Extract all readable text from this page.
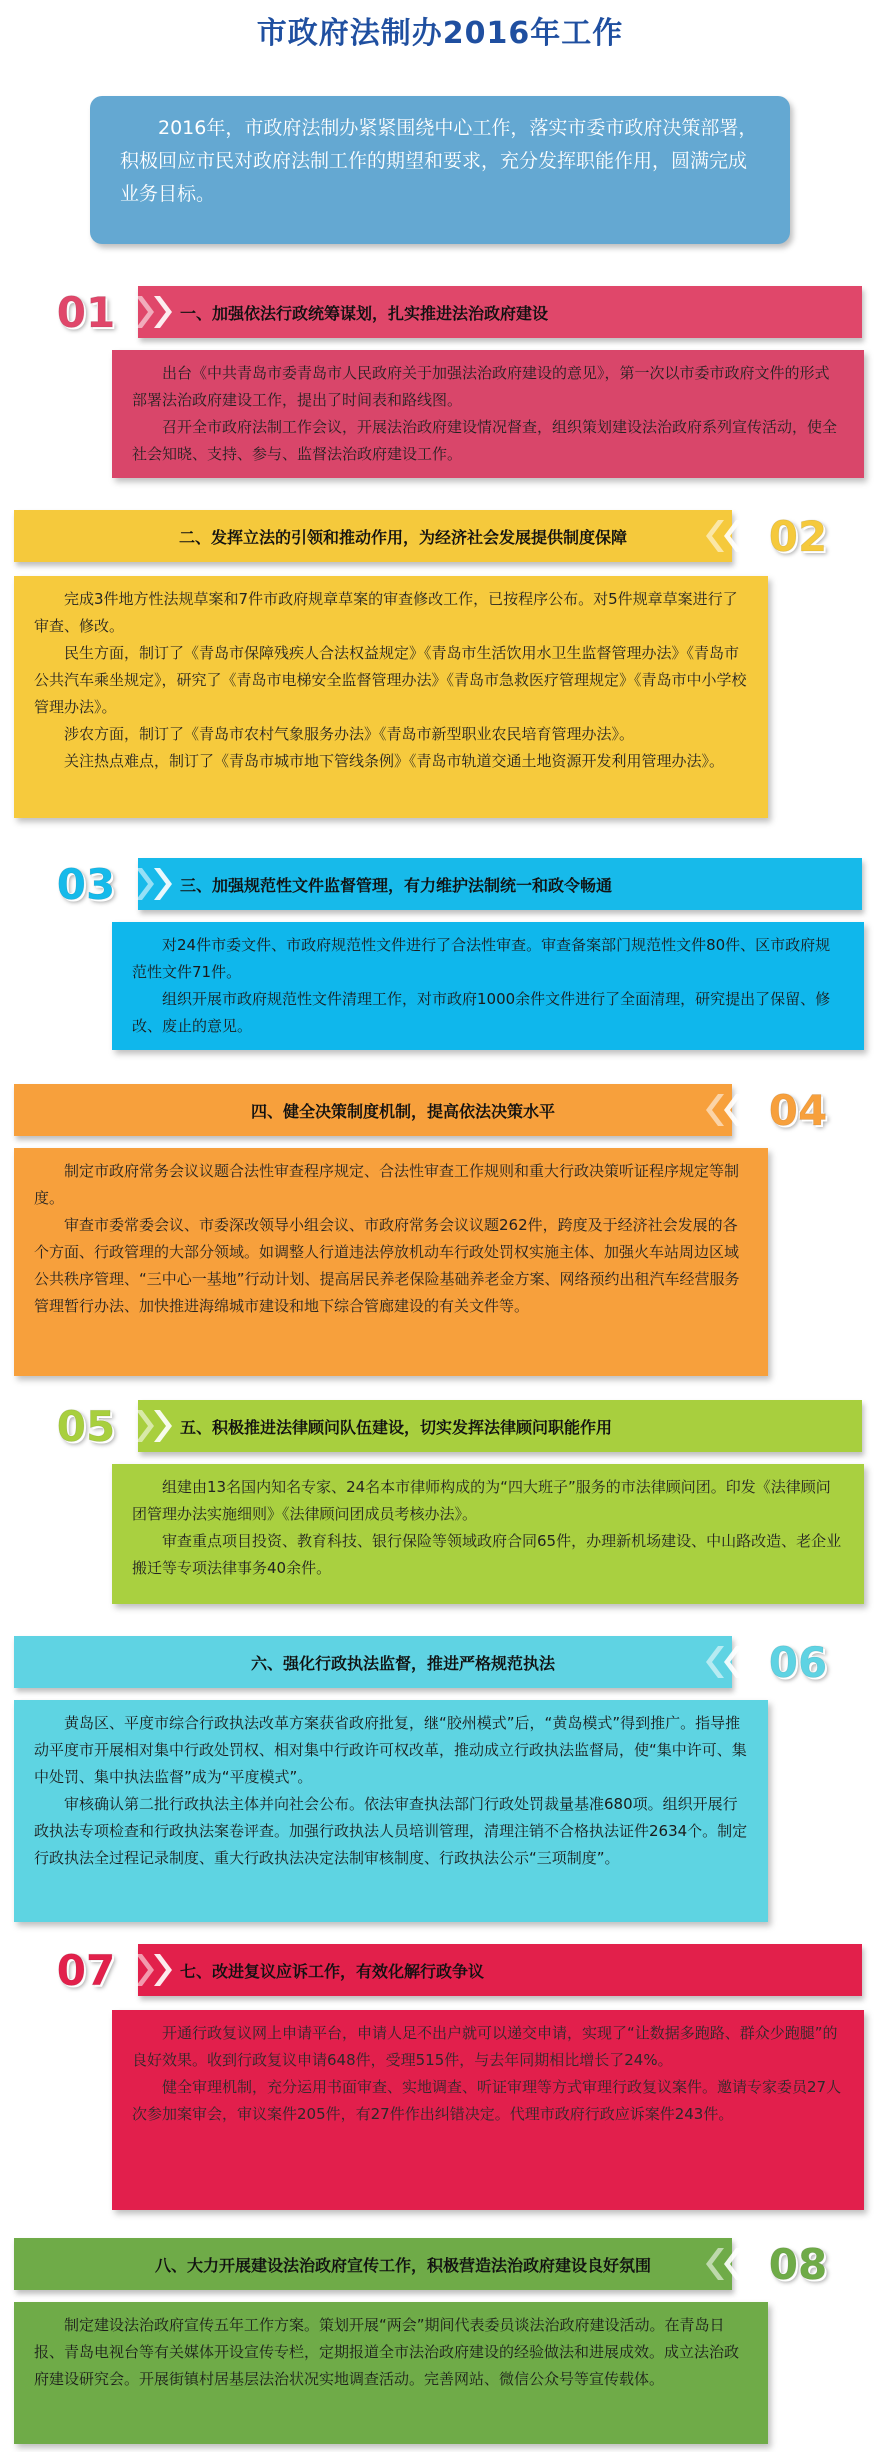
市政府法制办2016年工作
2016年，市政府法制办紧紧围绕中心工作，落实市委市政府决策部署，积极回应市民对政府法制工作的期望和要求，充分发挥职能作用，圆满完成业务目标。
一、加强依法行政统筹谋划，扎实推进法治政府建设
01

出台《中共青岛市委青岛市人民政府关于加强法治政府建设的意见》，第一次以市委市政府文件的形式部署法治政府建设工作，提出了时间表和路线图。

召开全市政府法制工作会议，开展法治政府建设情况督查，组织策划建设法治政府系列宣传活动，使全社会知晓、支持、参与、监督法治政府建设工作。

二、发挥立法的引领和推动作用，为经济社会发展提供制度保障	02

完成3件地方性法规草案和7件市政府规章草案的审查修改工作，已按程序公布。对5件规章草案进行了审查、修改。

民生方面，制订了《青岛市保障残疾人合法权益规定》《青岛市生活饮用水卫生监督管理办法》《青岛市公共汽车乘坐规定》，研究了《青岛市电梯安全监督管理办法》《青岛市急救医疗管理规定》《青岛市中小学校管理办法》。

涉农方面，制订了《青岛市农村气象服务办法》《青岛市新型职业农民培育管理办法》。

关注热点难点，制订了《青岛市城市地下管线条例》《青岛市轨道交通土地资源开发利用管理办法》。

三、加强规范性文件监督管理，有力维护法制统一和政令畅通
03

对24件市委文件、市政府规范性文件进行了合法性审查。审查备案部门规范性文件80件、区市政府规范性文件71件。

组织开展市政府规范性文件清理工作，对市政府1000余件文件进行了全面清理，研究提出了保留、修改、废止的意见。

四、健全决策制度机制，提高依法决策水平	04

制定市政府常务会议议题合法性审查程序规定、合法性审查工作规则和重大行政决策听证程序规定等制度。

审查市委常委会议、市委深改领导小组会议、市政府常务会议议题262件，跨度及于经济社会发展的各个方面、行政管理的大部分领域。如调整人行道违法停放机动车行政处罚权实施主体、加强火车站周边区域公共秩序管理、“三中心一基地”行动计划、提高居民养老保险基础养老金方案、网络预约出租汽车经营服务管理暂行办法、加快推进海绵城市建设和地下综合管廊建设的有关文件等。

五、积极推进法律顾问队伍建设，切实发挥法律顾问职能作用
05

组建由13名国内知名专家、24名本市律师构成的为“四大班子”服务的市法律顾问团。印发《法律顾问团管理办法实施细则》《法律顾问团成员考核办法》。

审查重点项目投资、教育科技、银行保险等领域政府合同65件，办理新机场建设、中山路改造、老企业搬迁等专项法律事务40余件。

六、强化行政执法监督，推进严格规范执法	06

黄岛区、平度市综合行政执法改革方案获省政府批复，继“胶州模式”后，“黄岛模式”得到推广。指导推动平度市开展相对集中行政处罚权、相对集中行政许可权改革，推动成立行政执法监督局，使“集中许可、集中处罚、集中执法监督”成为“平度模式”。

审核确认第二批行政执法主体并向社会公布。依法审查执法部门行政处罚裁量基准680项。组织开展行政执法专项检查和行政执法案卷评查。加强行政执法人员培训管理，清理注销不合格执法证件2634个。制定行政执法全过程记录制度、重大行政执法决定法制审核制度、行政执法公示“三项制度”。

七、改进复议应诉工作，有效化解行政争议
07

开通行政复议网上申请平台，申请人足不出户就可以递交申请，实现了“让数据多跑路、群众少跑腿”的良好效果。收到行政复议申请648件，受理515件，与去年同期相比增长了24%。

健全审理机制，充分运用书面审查、实地调查、听证审理等方式审理行政复议案件。邀请专家委员27人次参加案审会，审议案件205件，有27件作出纠错决定。代理市政府行政应诉案件243件。

八、大力开展建设法治政府宣传工作，积极营造法治政府建设良好氛围	08

制定建设法治政府宣传五年工作方案。策划开展“两会”期间代表委员谈法治政府建设活动。在青岛日报、青岛电视台等有关媒体开设宣传专栏，定期报道全市法治政府建设的经验做法和进展成效。成立法治政府建设研究会。开展街镇村居基层法治状况实地调查活动。完善网站、微信公众号等宣传载体。
